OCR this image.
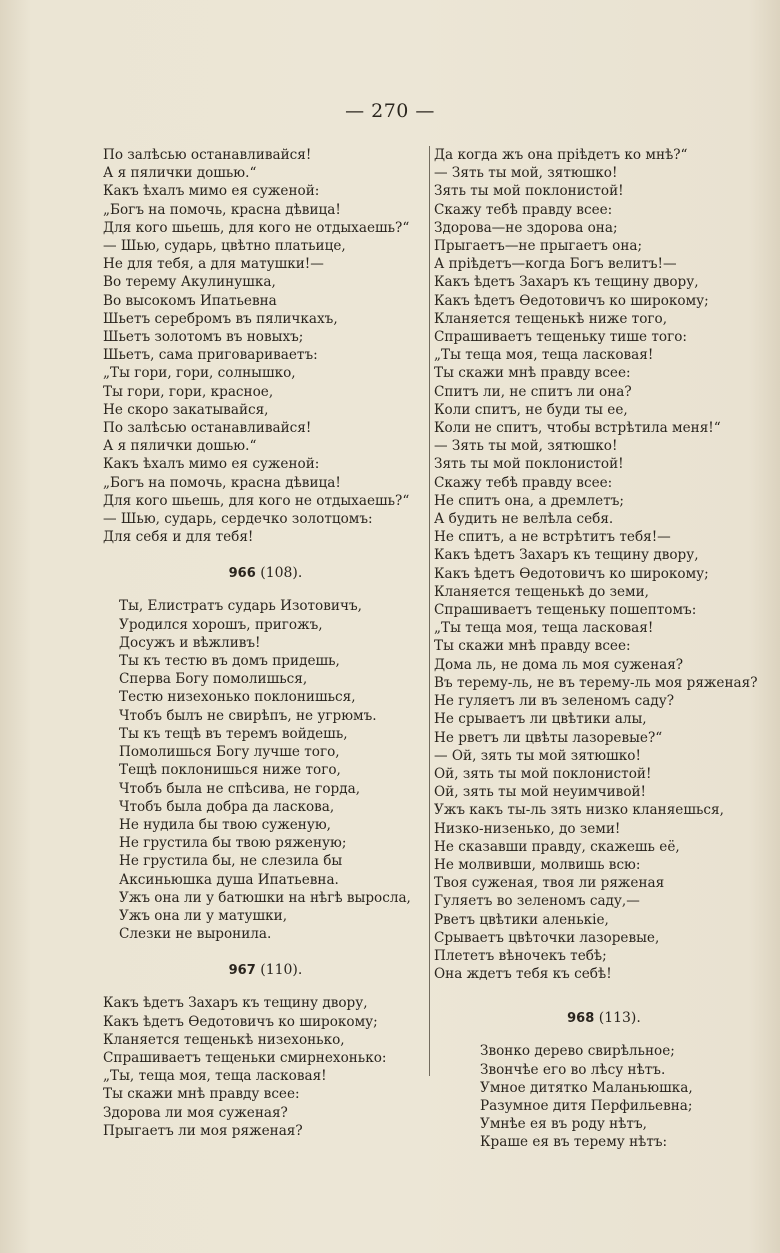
— 270 —
По залѣсью останавливайся!
А я пялички дошью.“
Какъ ѣхалъ мимо ея суженой:
„Богъ на помочь, красна дѣвица!
Для кого шьешь, для кого не отдыхаешь?“
— Шью, сударь, цвѣтно платьице,
Не для тебя, а для матушки!—
Во терему Акулинушка,
Во высокомъ Ипатьевна
Шьетъ серебромъ въ пяличкахъ,
Шьетъ золотомъ въ новыхъ;
Шьетъ, сама приговариваетъ:
„Ты гори, гори, солнышко,
Ты гори, гори, красное,
Не скоро закатывайся,
По залѣсью останавливайся!
А я пялички дошью.“
Какъ ѣхалъ мимо ея суженой:
„Богъ на помочь, красна дѣвица!
Для кого шьешь, для кого не отдыхаешь?“
— Шью, сударь, сердечко золотцомъ:
Для себя и для тебя!
966 (108).
Ты, Елистратъ сударь Изотовичъ,
Уродился хорошъ, пригожъ,
Досужъ и вѣжливъ!
Ты къ тестю въ домъ придешь,
Сперва Богу помолишься,
Тестю низехонько поклонишься,
Чтобъ былъ не свирѣпъ, не угрюмъ.
Ты къ тещѣ въ теремъ войдешь,
Помолишься Богу лучше того,
Тещѣ поклонишься ниже того,
Чтобъ была не спѣсива, не горда,
Чтобъ была добра да ласкова,
Не нудила бы твою суженую,
Не грустила бы твою ряженую;
Не грустила бы, не слезила бы
Аксиньюшка душа Ипатьевна.
Ужъ она ли у батюшки на нѣгѣ выросла,
Ужъ она ли у матушки,
Слезки не выронила.
967 (110).
Какъ ѣдетъ Захаръ къ тещину двору,
Какъ ѣдетъ Ѳедотовичъ ко широкому;
Кланяется тещенькѣ низехонько,
Спрашиваетъ тещеньки смирнехонько:
„Ты, теща моя, теща ласковая!
Ты скажи мнѣ правду всее:
Здорова ли моя суженая?
Прыгаетъ ли моя ряженая?
Да когда жъ она пріѣдетъ ко мнѣ?“
— Зять ты мой, зятюшко!
Зять ты мой поклонистой!
Скажу тебѣ правду всее:
Здорова—не здорова она;
Прыгаетъ—не прыгаетъ она;
А пріѣдетъ—когда Богъ велитъ!—
Какъ ѣдетъ Захаръ къ тещину двору,
Какъ ѣдетъ Ѳедотовичъ ко широкому;
Кланяется тещенькѣ ниже того,
Спрашиваетъ тещеньку тише того:
„Ты теща моя, теща ласковая!
Ты скажи мнѣ правду всее:
Спитъ ли, не спитъ ли она?
Коли спитъ, не буди ты ее,
Коли не спитъ, чтобы встрѣтила меня!“
— Зять ты мой, зятюшко!
Зять ты мой поклонистой!
Скажу тебѣ правду всее:
Не спитъ она, а дремлетъ;
А будить не велѣла себя.
Не спитъ, а не встрѣтитъ тебя!—
Какъ ѣдетъ Захаръ къ тещину двору,
Какъ ѣдетъ Ѳедотовичъ ко широкому;
Кланяется тещенькѣ до земи,
Спрашиваетъ тещеньку пошептомъ:
„Ты теща моя, теща ласковая!
Ты скажи мнѣ правду всее:
Дома ль, не дома ль моя суженая?
Въ терему-ль, не въ терему-ль моя ряженая?
Не гуляетъ ли въ зеленомъ саду?
Не срываетъ ли цвѣтики алы,
Не рветъ ли цвѣты лазоревые?“
— Ой, зять ты мой зятюшко!
Ой, зять ты мой поклонистой!
Ой, зять ты мой неуимчивой!
Ужъ какъ ты-ль зять низко кланяешься,
Низко-низенько, до земи!
Не сказавши правду, скажешь её,
Не молвивши, молвишь всю:
Твоя суженая, твоя ли ряженая
Гуляетъ во зеленомъ саду,—
Рветъ цвѣтики аленькіе,
Срываетъ цвѣточки лазоревые,
Плететъ вѣночекъ тебѣ;
Она ждетъ тебя къ себѣ!
968 (113).
Звонко дерево свирѣльное;
Звончѣе его во лѣсу нѣтъ.
Умное дитятко Маланьюшка,
Разумное дитя Перфильевна;
Умнѣе ея въ роду нѣтъ,
Краше ея въ терему нѣтъ:
